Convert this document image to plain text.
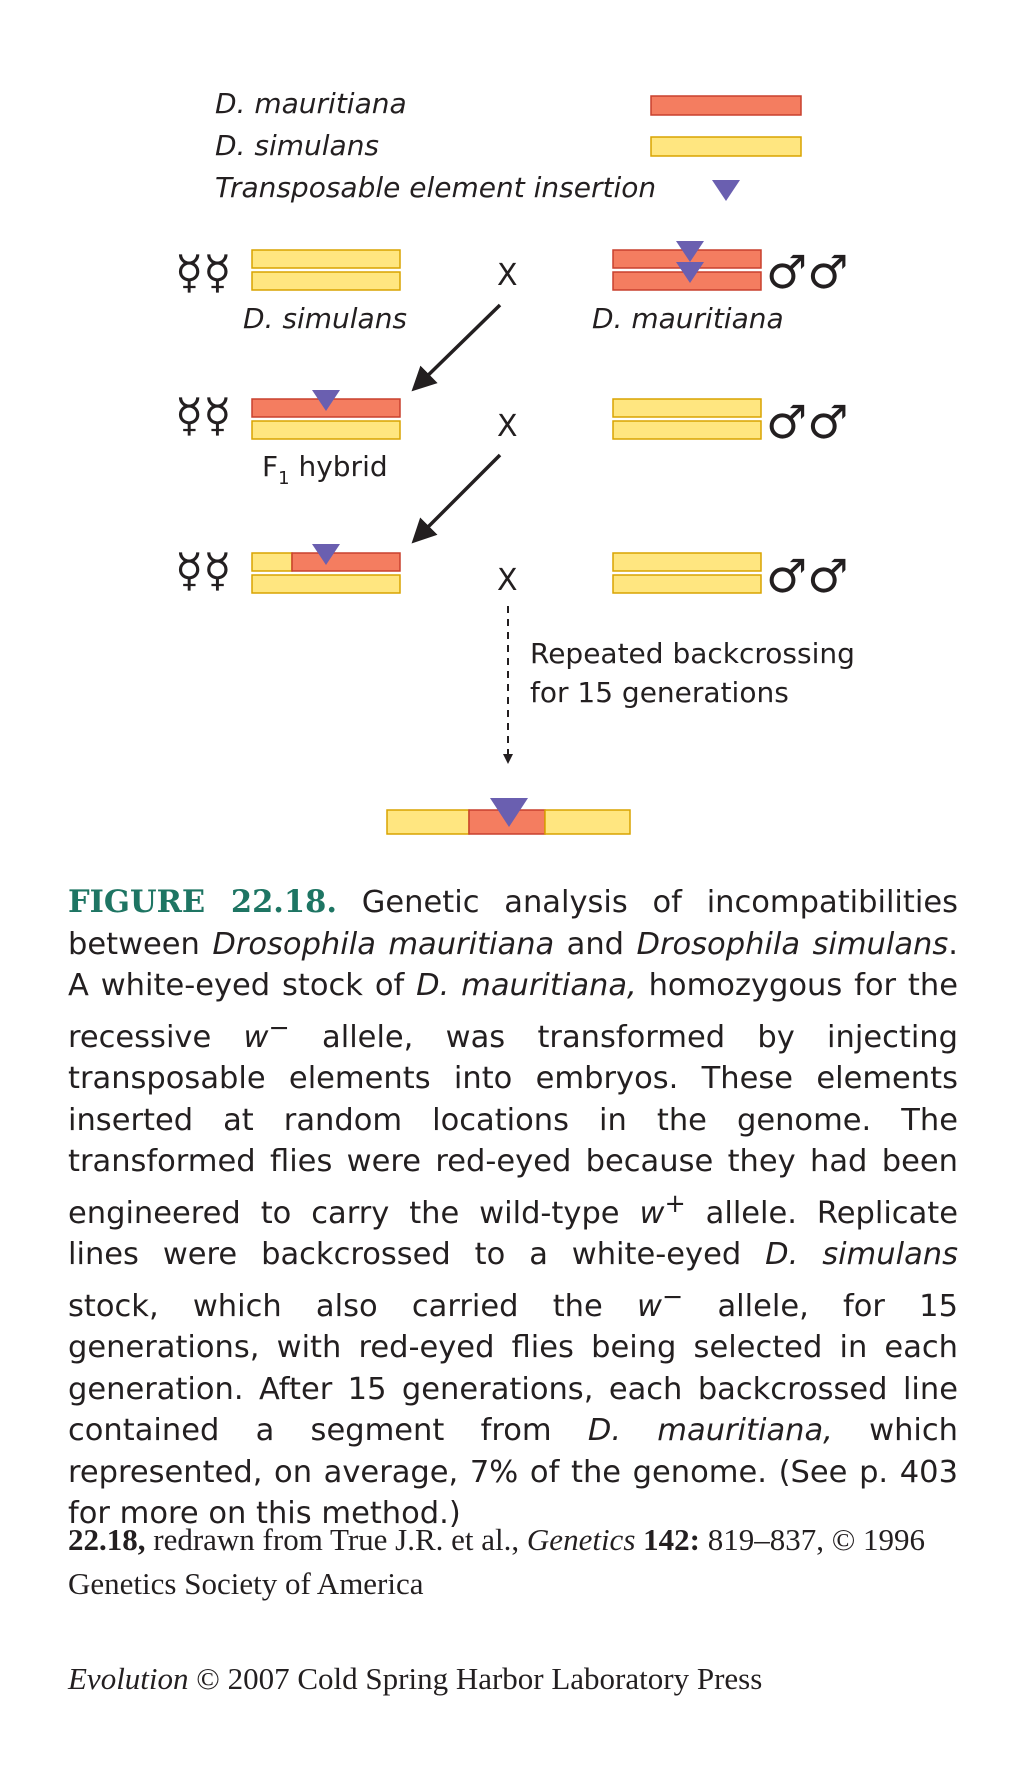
D. mauritiana
D. simulans
Transposable element insertion
☿☿
D. simulans
X	♂♂
D. mauritiana
☿☿
$F_1$ hybrid
X	♂♂
☿☿	X	♂♂
Repeated backcrossing
for 15 generations
FIGURE 22.18. Genetic analysis of incompatibilities between Drosophila mauritiana and Drosophila simulans. A white-eyed stock of D. mauritiana, homozygous for the recessive w− allele, was transformed by injecting transposable elements into embryos. These elements inserted at random locations in the genome. The transformed flies were red-eyed because they had been engineered to carry the wild-type w+ allele. Replicate lines were backcrossed to a white-eyed D. simulans stock, which also carried the w− allele, for 15 generations, with red-eyed flies being selected in each generation. After 15 generations, each backcrossed line contained a segment from D. mauritiana, which represented, on average, 7% of the genome. (See p. 403 for more on this method.)
22.18, redrawn from True J.R. et al., Genetics 142: 819–837, © 1996 Genetics Society of America
Evolution © 2007 Cold Spring Harbor Laboratory Press
